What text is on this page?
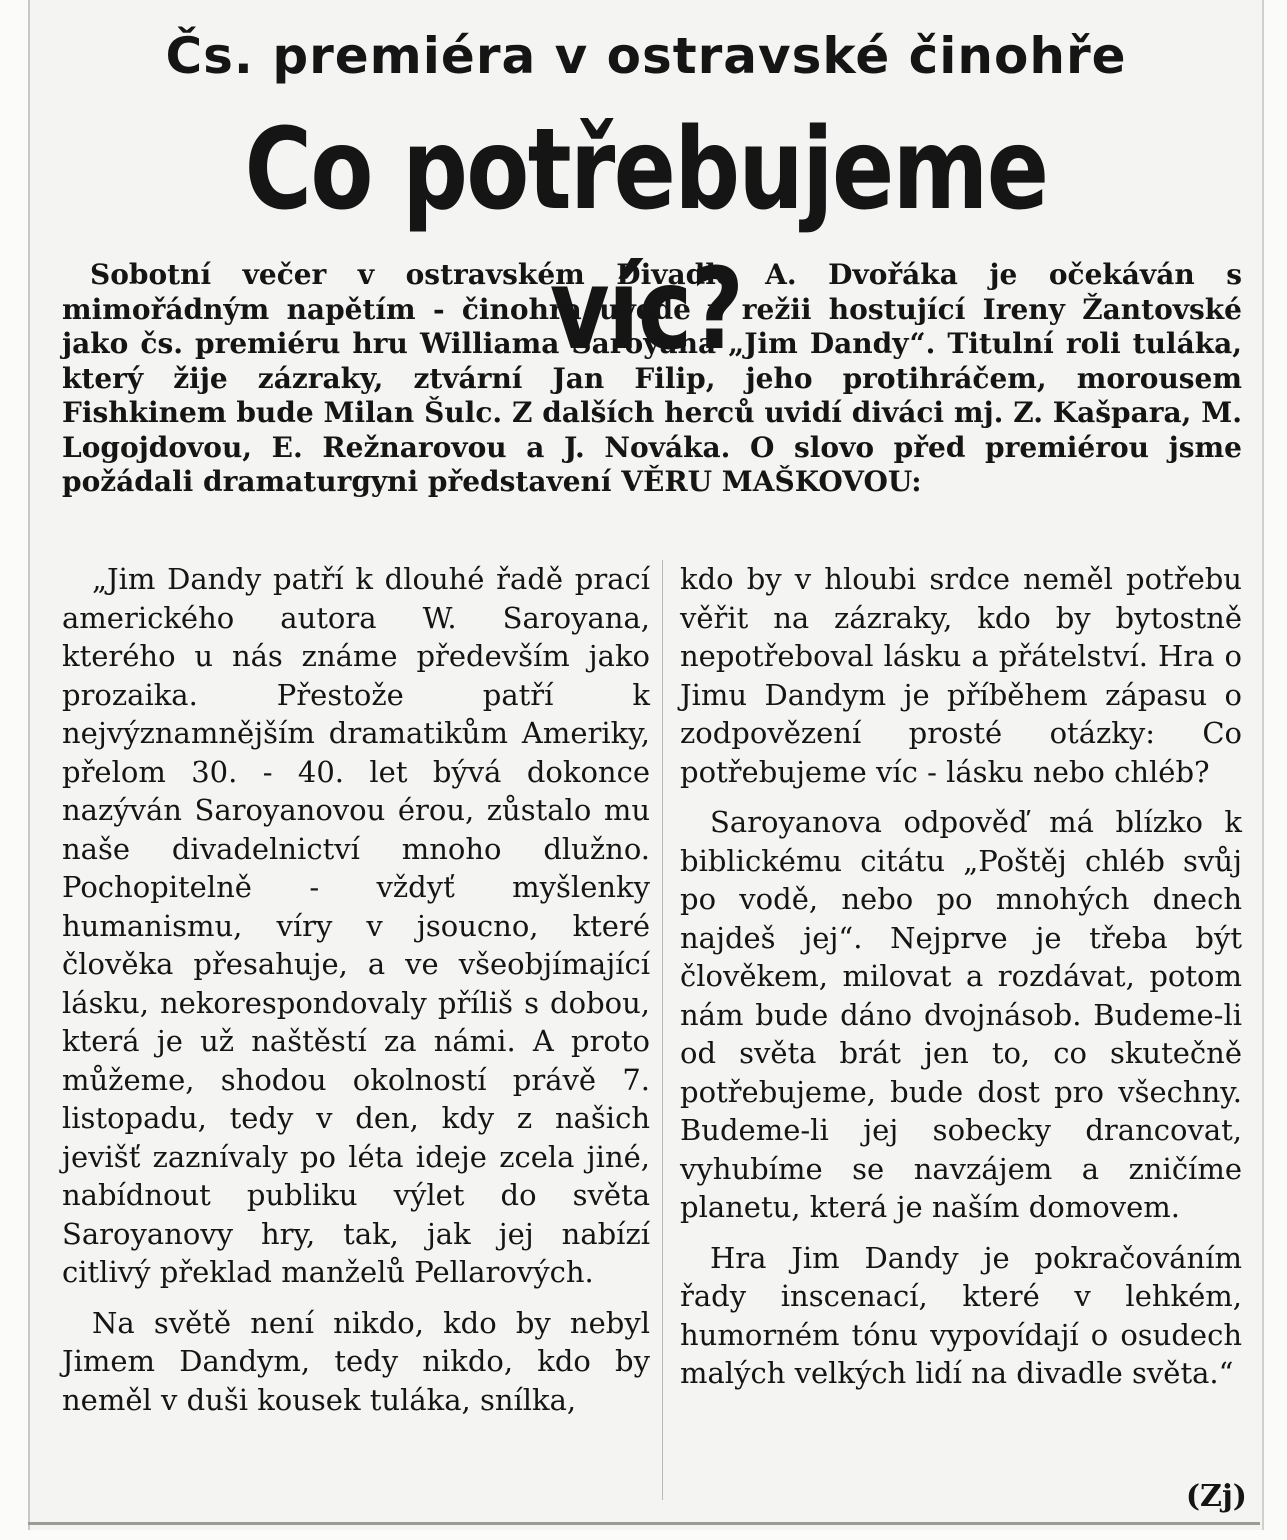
Čs. premiéra v ostravské činohře
Co potřebujeme víc?
Sobotní večer v ostravském Divadle A. Dvořáka je očekáván s mimořádným napětím - činohra uvede v režii hostující Ireny Žantovské jako čs. premiéru hru Williama Saroyana „Jim Dandy“. Titulní roli tuláka, který žije zázraky, ztvární Jan Filip, jeho protihráčem, morousem Fishkinem bude Milan Šulc. Z dalších herců uvidí diváci mj. Z. Kašpara, M. Logojdovou, E. Režnarovou a J. Nováka. O slovo před premiérou jsme požádali dramaturgyni představení VĚRU MAŠKOVOU:

„Jim Dandy patří k dlouhé řadě prací amerického autora W. Saroyana, kterého u nás známe především jako prozaika. Přestože patří k nejvýznamnějším dramatikům Ameriky, přelom 30. - 40. let bývá dokonce nazýván Saroyanovou érou, zůstalo mu naše divadelnictví mnoho dlužno. Pochopitelně - vždyť myšlenky humanismu, víry v jsoucno, které člověka přesahuje, a ve všeobjímající lásku, nekorespondovaly příliš s dobou, která je už naštěstí za námi. A proto můžeme, shodou okolností právě 7. listopadu, tedy v den, kdy z našich jevišť zaznívaly po léta ideje zcela jiné, nabídnout publiku výlet do světa Saroyanovy hry, tak, jak jej nabízí citlivý překlad manželů Pellarových.

Na světě není nikdo, kdo by nebyl Jimem Dandym, tedy nikdo, kdo by neměl v duši kousek tuláka, snílka,

kdo by v hloubi srdce neměl potřebu věřit na zázraky, kdo by bytostně nepotřeboval lásku a přátelství. Hra o Jimu Dandym je příběhem zápasu o zodpovězení prosté otázky: Co potřebujeme víc - lásku nebo chléb?

Saroyanova odpověď má blízko k biblickému citátu „Poštěj chléb svůj po vodě, nebo po mnohých dnech najdeš jej“. Nejprve je třeba být člověkem, milovat a rozdávat, potom nám bude dáno dvojnásob. Budeme-li od světa brát jen to, co skutečně potřebujeme, bude dost pro všechny. Budeme-li jej sobecky drancovat, vyhubíme se navzájem a zničíme planetu, která je naším domovem.

Hra Jim Dandy je pokračováním řady inscenací, které v lehkém, humorném tónu vypovídají o osudech malých velkých lidí na divadle světa.“

(Zj)
